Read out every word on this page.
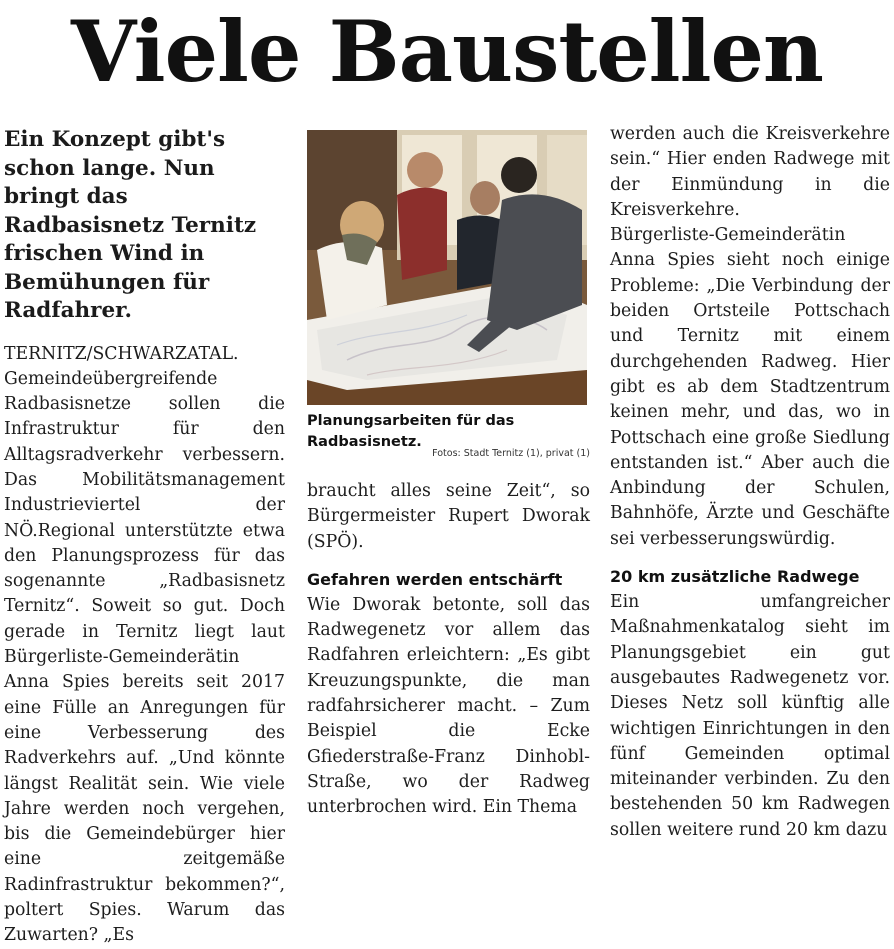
Viele Baustellen

Ein Konzept gibt's schon lange. Nun bringt das Radbasisnetz Ternitz frischen Wind in Bemühungen für Radfahrer.

TERNITZ/SCHWARZATAL. Gemeindeübergreifende Radbasisnetze sollen die Infrastruktur für den Alltagsradverkehr verbessern. Das Mobilitätsmanagement Industrieviertel der NÖ.Regional unterstützte etwa den Planungsprozess für das sogenannte „Radbasisnetz Ternitz“. Soweit so gut. Doch gerade in Ternitz liegt laut Bürgerliste-Gemeinderätin Anna Spies bereits seit 2017 eine Fülle an Anregungen für eine Verbesserung des Radverkehrs auf. „Und könnte längst Realität sein. Wie viele Jahre werden noch vergehen, bis die Gemeindebürger hier eine zeitgemäße Radinfrastruktur bekommen?“, poltert Spies. Warum das Zuwarten? „Es

Planungsarbeiten für das Radbasisnetz.
Fotos: Stadt Ternitz (1), privat (1)

braucht alles seine Zeit“, so Bürgermeister Rupert Dworak (SPÖ).

Gefahren werden entschärft

Wie Dworak betonte, soll das Radwegenetz vor allem das Radfahren erleichtern: „Es gibt Kreuzungspunkte, die man radfahrsicherer macht. – Zum Beispiel die Ecke Gfiederstraße-Franz Dinhobl-Straße, wo der Radweg unterbrochen wird. Ein Thema

werden auch die Kreisverkehre sein.“ Hier enden Radwege mit der Einmündung in die Kreisverkehre.

Bürgerliste-Gemeinderätin Anna Spies sieht noch einige Probleme: „Die Verbindung der beiden Ortsteile Pottschach und Ternitz mit einem durchgehenden Radweg. Hier gibt es ab dem Stadtzentrum keinen mehr, und das, wo in Pottschach eine große Siedlung entstanden ist.“ Aber auch die Anbindung der Schulen, Bahnhöfe, Ärzte und Geschäfte sei verbesserungswürdig.

20 km zusätzliche Radwege

Ein umfangreicher Maßnahmenkatalog sieht im Planungsgebiet ein gut ausgebautes Radwegenetz vor. Dieses Netz soll künftig alle wichtigen Einrichtungen in den fünf Gemeinden optimal miteinander verbinden. Zu den bestehenden 50 km Radwegen sollen weitere rund 20 km dazu
